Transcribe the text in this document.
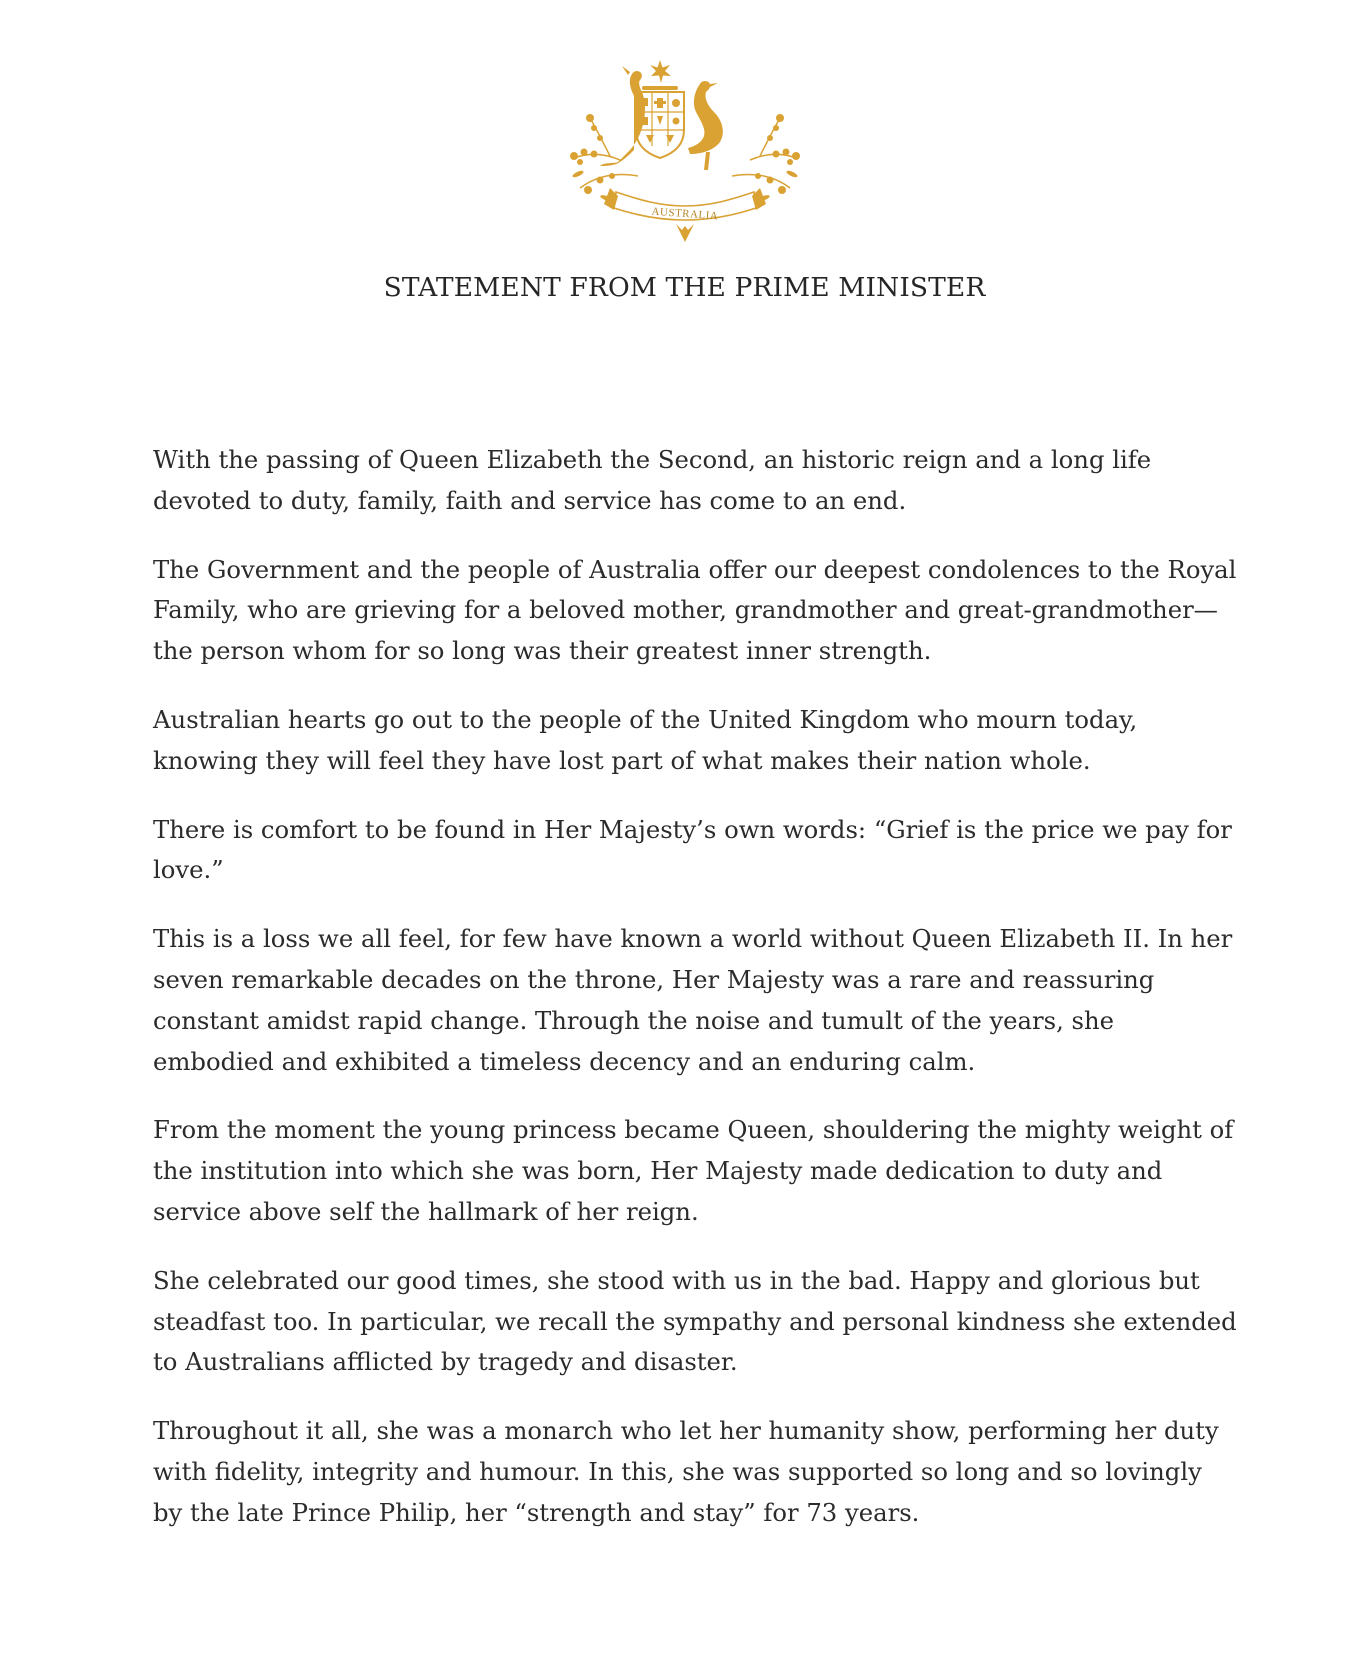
AUSTRALIA
STATEMENT FROM THE PRIME MINISTER

With the passing of Queen Elizabeth the Second, an historic reign and a long life devoted to duty, family, faith and service has come to an end.

The Government and the people of Australia offer our deepest condolences to the Royal Family, who are grieving for a beloved mother, grandmother and great-grandmother—the person whom for so long was their greatest inner strength.

Australian hearts go out to the people of the United Kingdom who mourn today, knowing they will feel they have lost part of what makes their nation whole.

There is comfort to be found in Her Majesty’s own words: “Grief is the price we pay for love.”

This is a loss we all feel, for few have known a world without Queen Elizabeth II. In her seven remarkable decades on the throne, Her Majesty was a rare and reassuring constant amidst rapid change. Through the noise and tumult of the years, she embodied and exhibited a timeless decency and an enduring calm.

From the moment the young princess became Queen, shouldering the mighty weight of the institution into which she was born, Her Majesty made dedication to duty and service above self the hallmark of her reign.

She celebrated our good times, she stood with us in the bad. Happy and glorious but steadfast too. In particular, we recall the sympathy and personal kindness she extended to Australians afflicted by tragedy and disaster.

Throughout it all, she was a monarch who let her humanity show, performing her duty with fidelity, integrity and humour. In this, she was supported so long and so lovingly by the late Prince Philip, her “strength and stay” for 73 years.
